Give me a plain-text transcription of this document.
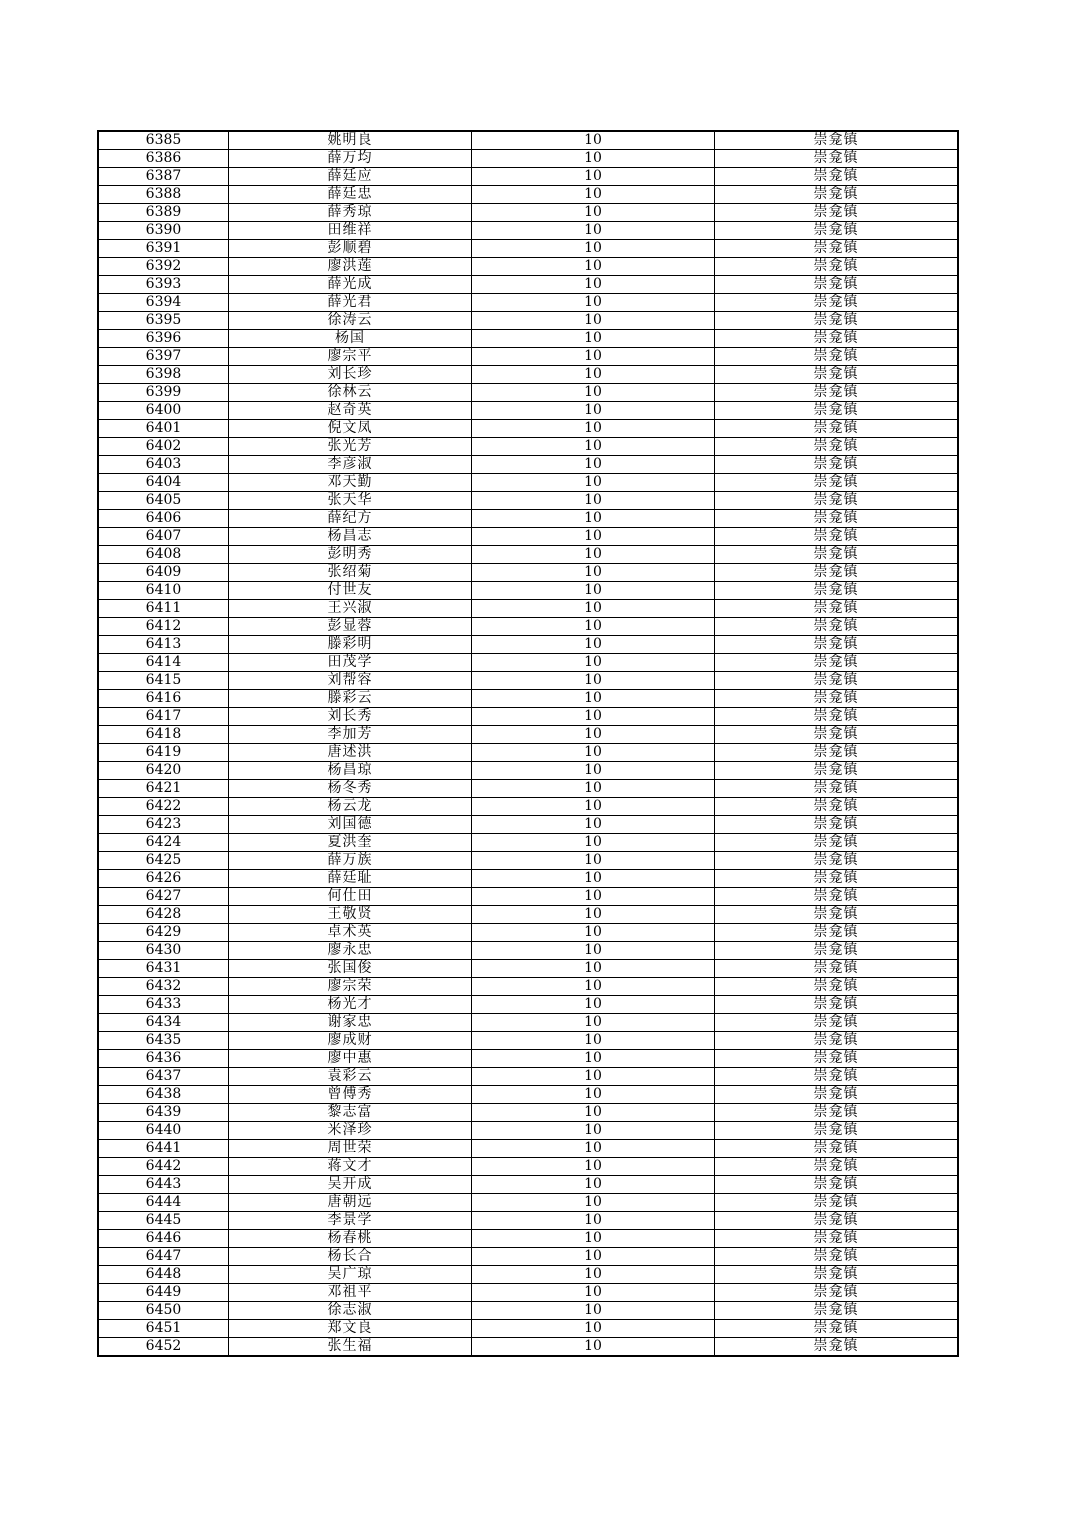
6385	姚明良	10	崇龛镇
6386	薛万均	10	崇龛镇
6387	薛廷应	10	崇龛镇
6388	薛廷忠	10	崇龛镇
6389	薛秀琼	10	崇龛镇
6390	田维祥	10	崇龛镇
6391	彭顺碧	10	崇龛镇
6392	廖洪莲	10	崇龛镇
6393	薛光成	10	崇龛镇
6394	薛光君	10	崇龛镇
6395	徐涛云	10	崇龛镇
6396	杨国	10	崇龛镇
6397	廖宗平	10	崇龛镇
6398	刘长珍	10	崇龛镇
6399	徐林云	10	崇龛镇
6400	赵奇英	10	崇龛镇
6401	倪文凤	10	崇龛镇
6402	张光芳	10	崇龛镇
6403	李彦淑	10	崇龛镇
6404	邓天勤	10	崇龛镇
6405	张天华	10	崇龛镇
6406	薛纪方	10	崇龛镇
6407	杨昌志	10	崇龛镇
6408	彭明秀	10	崇龛镇
6409	张绍菊	10	崇龛镇
6410	付世友	10	崇龛镇
6411	王兴淑	10	崇龛镇
6412	彭显蓉	10	崇龛镇
6413	滕彩明	10	崇龛镇
6414	田茂学	10	崇龛镇
6415	刘帮容	10	崇龛镇
6416	滕彩云	10	崇龛镇
6417	刘长秀	10	崇龛镇
6418	李加芳	10	崇龛镇
6419	唐述洪	10	崇龛镇
6420	杨昌琼	10	崇龛镇
6421	杨冬秀	10	崇龛镇
6422	杨云龙	10	崇龛镇
6423	刘国德	10	崇龛镇
6424	夏洪奎	10	崇龛镇
6425	薛万族	10	崇龛镇
6426	薛廷耻	10	崇龛镇
6427	何仕田	10	崇龛镇
6428	王敬贤	10	崇龛镇
6429	卓术英	10	崇龛镇
6430	廖永忠	10	崇龛镇
6431	张国俊	10	崇龛镇
6432	廖宗荣	10	崇龛镇
6433	杨光才	10	崇龛镇
6434	谢家忠	10	崇龛镇
6435	廖成财	10	崇龛镇
6436	廖中惠	10	崇龛镇
6437	袁彩云	10	崇龛镇
6438	曾傅秀	10	崇龛镇
6439	黎志富	10	崇龛镇
6440	米泽珍	10	崇龛镇
6441	周世荣	10	崇龛镇
6442	蒋文才	10	崇龛镇
6443	吴开成	10	崇龛镇
6444	唐朝远	10	崇龛镇
6445	李景学	10	崇龛镇
6446	杨春桃	10	崇龛镇
6447	杨长合	10	崇龛镇
6448	吴广琼	10	崇龛镇
6449	邓祖平	10	崇龛镇
6450	徐志淑	10	崇龛镇
6451	郑文良	10	崇龛镇
6452	张生福	10	崇龛镇
